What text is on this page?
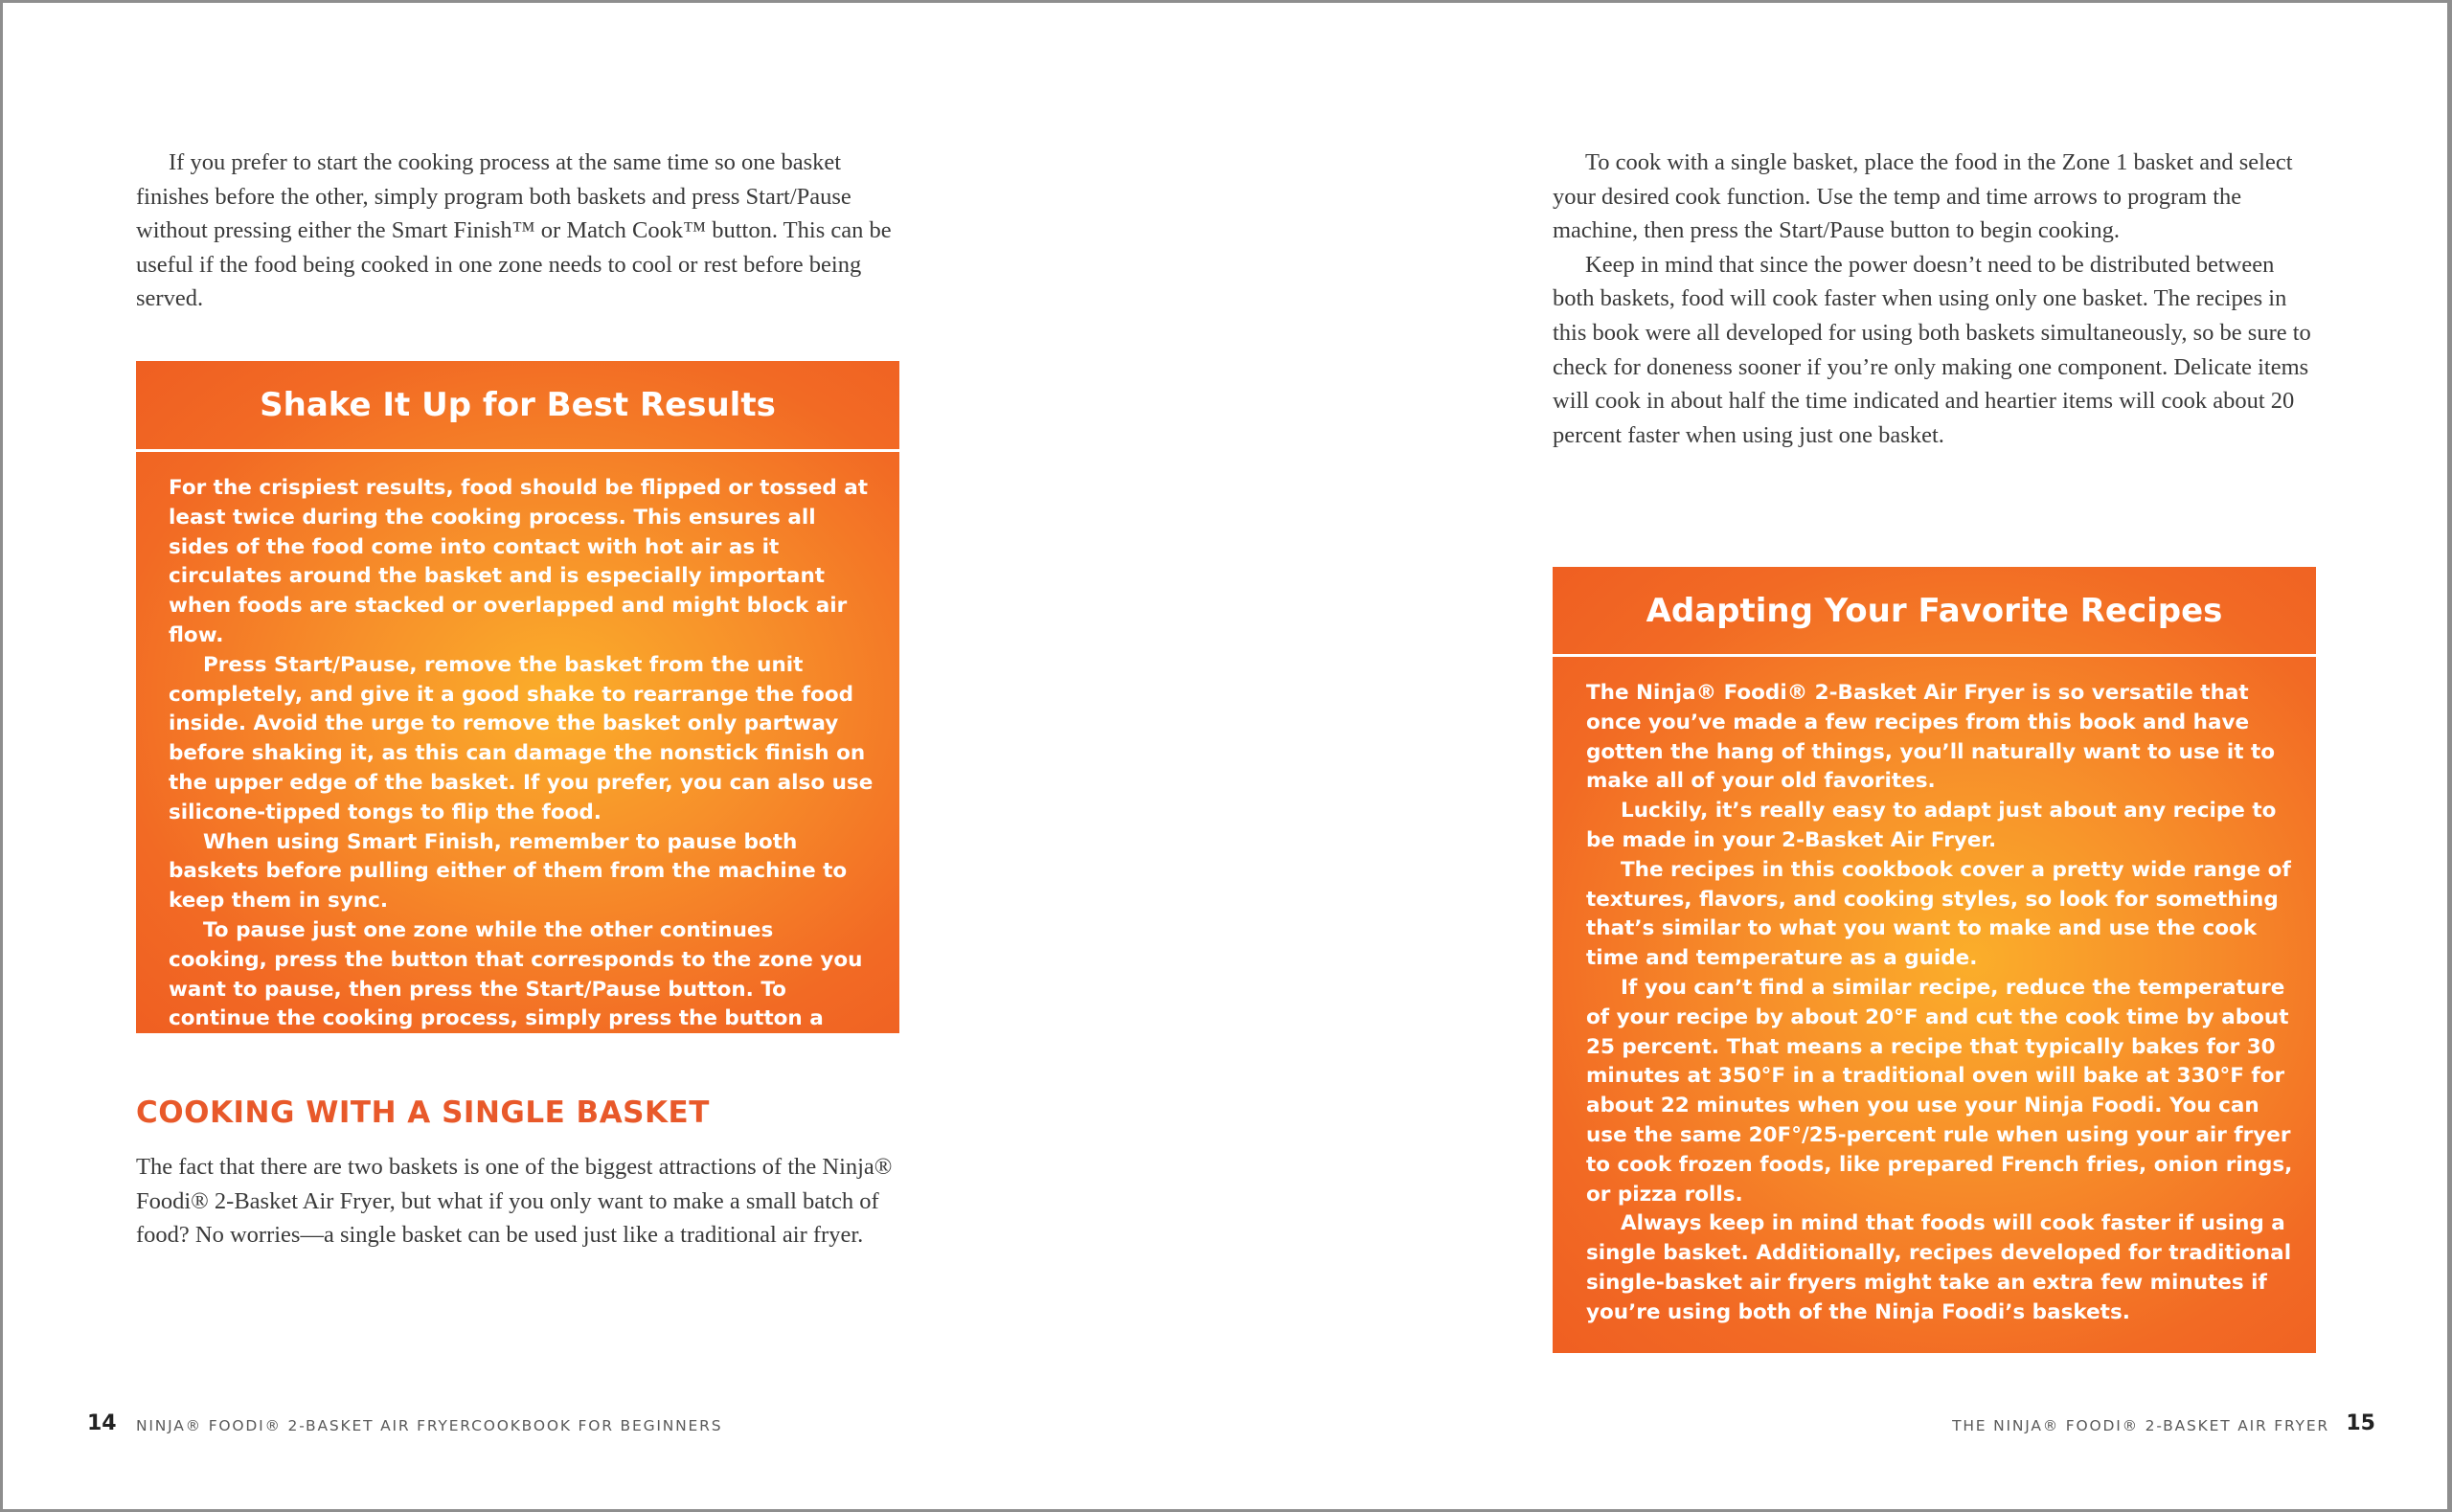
If you prefer to start the cooking process at the same time so one basket finishes before the other, simply program both baskets and press Start/Pause without pressing either the Smart Finish™ or Match Cook™ button. This can be useful if the food being cooked in one zone needs to cool or rest before being served.

Shake It Up for Best Results

For the crispiest results, food should be flipped or tossed at least twice during the cooking process. This ensures all sides of the food come into contact with hot air as it circulates around the basket and is especially important when foods are stacked or overlapped and might block air flow.

Press Start/Pause, remove the basket from the unit completely, and give it a good shake to rearrange the food inside. Avoid the urge to remove the basket only partway before shaking it, as this can damage the nonstick finish on the upper edge of the basket. If you prefer, you can also use silicone-tipped tongs to flip the food.

When using Smart Finish, remember to pause both baskets before pulling either of them from the machine to keep them in sync.

To pause just one zone while the other continues cooking, press the button that corresponds to the zone you want to pause, then press the Start/Pause button. To continue the cooking process, simply press the button a second time.

COOKING WITH A SINGLE BASKET

The fact that there are two baskets is one of the biggest attractions of the Ninja® Foodi® 2-Basket Air Fryer, but what if you only want to make a small batch of food? No worries—a single basket can be used just like a traditional air fryer.

14 NINJA® FOODI® 2-BASKET AIR FRYERCOOKBOOK FOR BEGINNERS

To cook with a single basket, place the food in the Zone 1 basket and select your desired cook function. Use the temp and time arrows to program the machine, then press the Start/Pause button to begin cooking.

Keep in mind that since the power doesn’t need to be distributed between both baskets, food will cook faster when using only one basket. The recipes in this book were all developed for using both baskets simultaneously, so be sure to check for doneness sooner if you’re only making one component. Delicate items will cook in about half the time indicated and heartier items will cook about 20 percent faster when using just one basket.

Adapting Your Favorite Recipes

The Ninja® Foodi® 2-Basket Air Fryer is so versatile that once you’ve made a few recipes from this book and have gotten the hang of things, you’ll naturally want to use it to make all of your old favorites.

Luckily, it’s really easy to adapt just about any recipe to be made in your 2-Basket Air Fryer.

The recipes in this cookbook cover a pretty wide range of textures, flavors, and cooking styles, so look for something that’s similar to what you want to make and use the cook time and temperature as a guide.

If you can’t find a similar recipe, reduce the temperature of your recipe by about 20°F and cut the cook time by about 25 percent. That means a recipe that typically bakes for 30 minutes at 350°F in a traditional oven will bake at 330°F for about 22 minutes when you use your Ninja Foodi. You can use the same 20F°/25-percent rule when using your air fryer to cook frozen foods, like prepared French fries, onion rings, or pizza rolls.

Always keep in mind that foods will cook faster if using a single basket. Additionally, recipes developed for traditional single-basket air fryers might take an extra few minutes if you’re using both of the Ninja Foodi’s baskets.

THE NINJA® FOODI® 2-BASKET AIR FRYER 15
